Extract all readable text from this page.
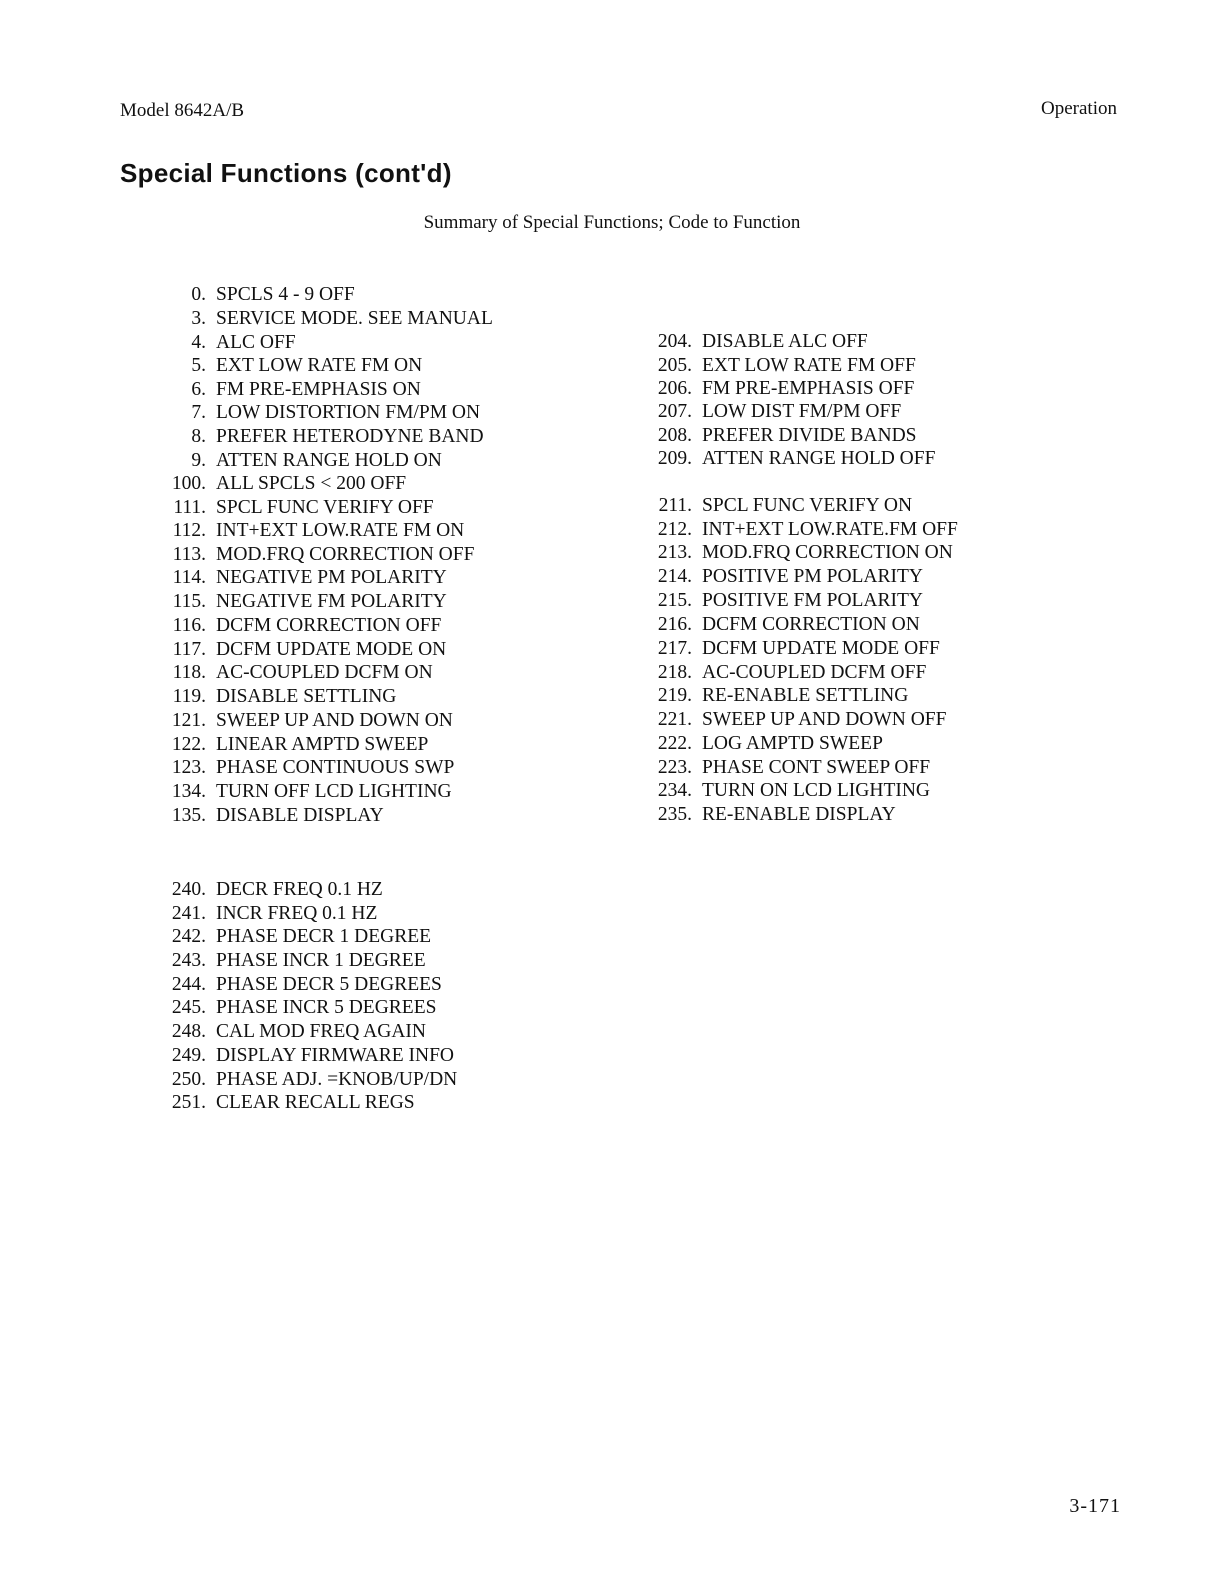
Model 8642A/B	Operation
Special Functions (cont'd)
Summary of Special Functions; Code to Function
0. SPCLS 4 - 9 OFF
3. SERVICE MODE. SEE MANUAL
4. ALC OFF
5. EXT LOW RATE FM ON
6. FM PRE-EMPHASIS ON
7. LOW DISTORTION FM/PM ON
8. PREFER HETERODYNE BAND
9. ATTEN RANGE HOLD ON
100. ALL SPCLS < 200 OFF
111. SPCL FUNC VERIFY OFF
112. INT+EXT LOW.RATE FM ON
113. MOD.FRQ CORRECTION OFF
114. NEGATIVE PM POLARITY
115. NEGATIVE FM POLARITY
116. DCFM CORRECTION OFF
117. DCFM UPDATE MODE ON
118. AC-COUPLED DCFM ON
119. DISABLE SETTLING
121. SWEEP UP AND DOWN ON
122. LINEAR AMPTD SWEEP
123. PHASE CONTINUOUS SWP
134. TURN OFF LCD LIGHTING
135. DISABLE DISPLAY
204. DISABLE ALC OFF
205. EXT LOW RATE FM OFF
206. FM PRE-EMPHASIS OFF
207. LOW DIST FM/PM OFF
208. PREFER DIVIDE BANDS
209. ATTEN RANGE HOLD OFF
211. SPCL FUNC VERIFY ON
212. INT+EXT LOW.RATE.FM OFF
213. MOD.FRQ CORRECTION ON
214. POSITIVE PM POLARITY
215. POSITIVE FM POLARITY
216. DCFM CORRECTION ON
217. DCFM UPDATE MODE OFF
218. AC-COUPLED DCFM OFF
219. RE-ENABLE SETTLING
221. SWEEP UP AND DOWN OFF
222. LOG AMPTD SWEEP
223. PHASE CONT SWEEP OFF
234. TURN ON LCD LIGHTING
235. RE-ENABLE DISPLAY
240. DECR FREQ 0.1 HZ
241. INCR FREQ 0.1 HZ
242. PHASE DECR 1 DEGREE
243. PHASE INCR 1 DEGREE
244. PHASE DECR 5 DEGREES
245. PHASE INCR 5 DEGREES
248. CAL MOD FREQ AGAIN
249. DISPLAY FIRMWARE INFO
250. PHASE ADJ. =KNOB/UP/DN
251. CLEAR RECALL REGS
3-171
